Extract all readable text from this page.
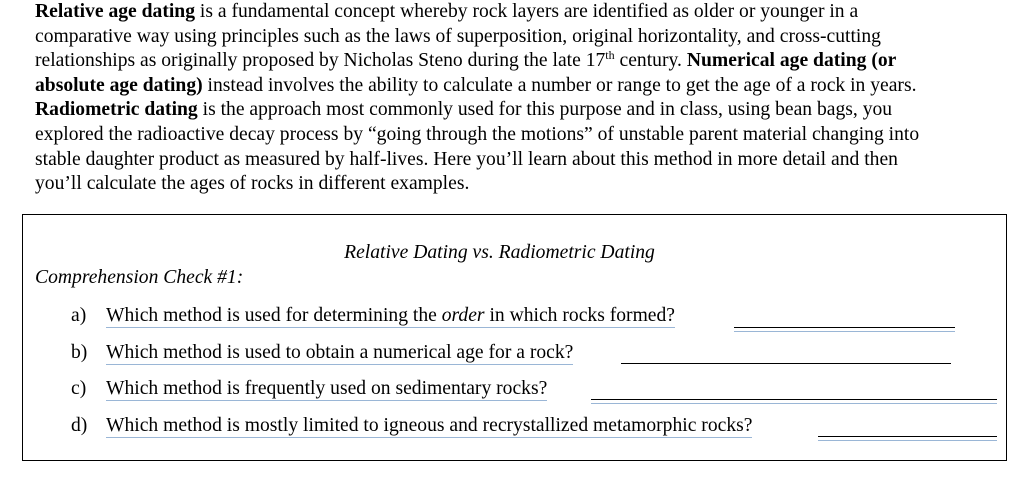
Relative age dating is a fundamental concept whereby rock layers are identified as older or younger in a
comparative way using principles such as the laws of superposition, original horizontality, and cross-cutting
relationships as originally proposed by Nicholas Steno during the late 17th century. Numerical age dating (or
absolute age dating) instead involves the ability to calculate a number or range to get the age of a rock in years.
Radiometric dating is the approach most commonly used for this purpose and in class, using bean bags, you
explored the radioactive decay process by “going through the motions” of unstable parent material changing into
stable daughter product as measured by half-lives. Here you’ll learn about this method in more detail and then
you’ll calculate the ages of rocks in different examples.
Relative Dating vs. Radiometric Dating
Comprehension Check #1:
a) Which method is used for determining the order in which rocks formed?
b) Which method is used to obtain a numerical age for a rock?
c) Which method is frequently used on sedimentary rocks?
d) Which method is mostly limited to igneous and recrystallized metamorphic rocks?
